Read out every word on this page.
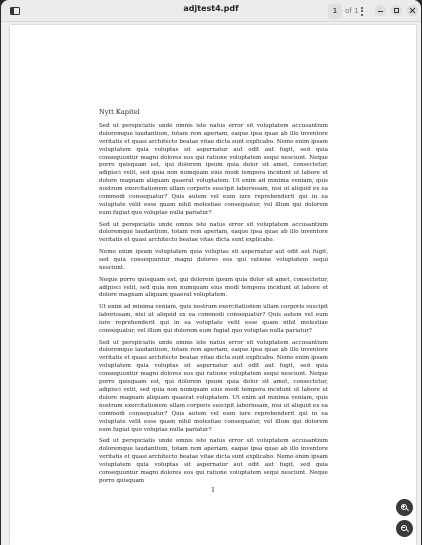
adjtest4.pdf	1	of 1
Nytt Kapitel

Sed ut perspiciatis unde omnis iste natus error sit voluptatem accusantium doloremque laudantium, totam rem aperiam, eaque ipsa quae ab illo inventore veritatis et quasi architecto beatae vitae dicta sunt explicabo. Nemo enim ipsam voluptatem quia voluptas sit aspernatur aut odit aut fugit, sed quia consequuntur magni dolores eos qui ratione voluptatem sequi nesciunt. Neque porro quisquam est, qui dolorem ipsum quia dolor sit amet, consectetur, adipisci velit, sed quia non numquam eius modi tempora incidunt ut labore et dolore magnam aliquam quaerat voluptatem. Ut enim ad minima veniam, quis nostrum exercitationem ullam corporis suscipit laboriosam, nisi ut aliquid ex ea commodi consequatur? Quis autem vel eum iure reprehenderit qui in ea voluptate velit esse quam nihil molestiae consequatur, vel illum qui dolorem eum fugiat quo voluptas nulla pariatur?

Sed ut perspiciatis unde omnis iste natus error sit voluptatem accusantium doloremque laudantium, totam rem aperiam, eaque ipsa quae ab illo inventore veritatis et quasi architecto beatae vitae dicta sunt explicabo.

Nemo enim ipsam voluptatem quia voluptas sit aspernatur aut odit aut fugit, sed quia consequuntur magni dolores eos qui ratione voluptatem sequi nesciunt.

Neque porro quisquam est, qui dolorem ipsum quia dolor sit amet, consectetur, adipisci velit, sed quia non numquam eius modi tempora incidunt ut labore et dolore magnam aliquam quaerat voluptatem.

Ut enim ad minima veniam, quis nostrum exercitationem ullam corporis suscipit laboriosam, nisi ut aliquid ex ea commodi consequatur? Quis autem vel eum iure reprehenderit qui in ea voluptate velit esse quam nihil molestiae consequatur, vel illum qui dolorem eum fugiat quo voluptas nulla pariatur?

Sed ut perspiciatis unde omnis iste natus error sit voluptatem accusantium doloremque laudantium, totam rem aperiam, eaque ipsa quae ab illo inventore veritatis et quasi architecto beatae vitae dicta sunt explicabo. Nemo enim ipsam voluptatem quia voluptas sit aspernatur aut odit aut fugit, sed quia consequuntur magni dolores eos qui ratione voluptatem sequi nesciunt. Neque porro quisquam est, qui dolorem ipsum quia dolor sit amet, consectetur, adipisci velit, sed quia non numquam eius modi tempora incidunt ut labore et dolore magnam aliquam quaerat voluptatem. Ut enim ad minima veniam, quis nostrum exercitationem ullam corporis suscipit laboriosam, nisi ut aliquid ex ea commodi consequatur? Quis autem vel eum iure reprehenderit qui in ea voluptate velit esse quam nihil molestiae consequatur, vel illum qui dolorem eum fugiat quo voluptas nulla pariatur?

Sed ut perspiciatis unde omnis iste natus error sit voluptatem accusantium doloremque laudantium, totam rem aperiam, eaque ipsa quae ab illo inventore veritatis et quasi architecto beatae vitae dicta sunt explicabo. Nemo enim ipsam voluptatem quia voluptas sit aspernatur aut odit aut fugit, sed quia consequuntur magni dolores eos qui ratione voluptatem sequi nesciunt. Neque porro quisquam

1
